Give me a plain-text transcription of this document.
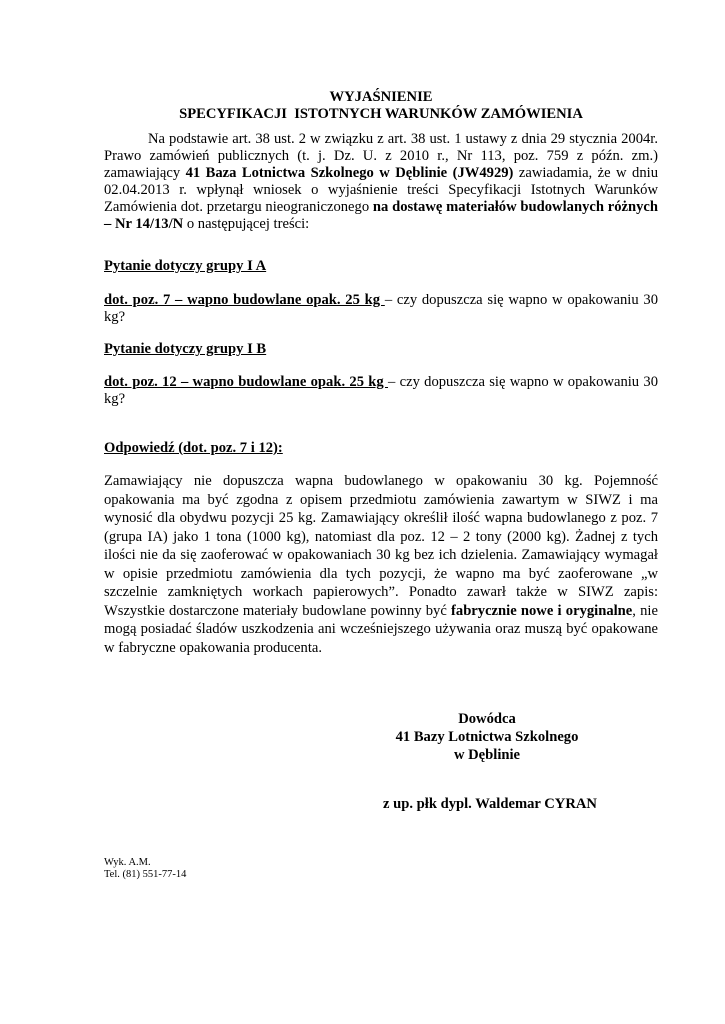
WYJAŚNIENIE
SPECYFIKACJI  ISTOTNYCH WARUNKÓW ZAMÓWIENIA

Na podstawie art. 38 ust. 2 w związku z art. 38 ust. 1 ustawy z dnia 29 stycznia 2004r. Prawo zamówień publicznych (t. j. Dz. U. z 2010 r., Nr 113, poz. 759 z późn. zm.) zamawiający 41 Baza Lotnictwa Szkolnego w Dęblinie (JW4929) zawiadamia, że w dniu 02.04.2013 r. wpłynął wniosek o wyjaśnienie treści Specyfikacji Istotnych Warunków Zamówienia dot. przetargu nieograniczonego na dostawę materiałów budowlanych różnych – Nr 14/13/N o następującej treści:

Pytanie dotyczy grupy I A

dot. poz. 7 – wapno budowlane opak. 25 kg – czy dopuszcza się wapno w opakowaniu 30 kg?

Pytanie dotyczy grupy I B

dot. poz. 12 – wapno budowlane opak. 25 kg – czy dopuszcza się wapno w opakowaniu 30 kg?

Odpowiedź (dot. poz. 7 i 12):

Zamawiający nie dopuszcza wapna budowlanego w opakowaniu 30 kg. Pojemność opakowania ma być zgodna z opisem przedmiotu zamówienia zawartym w SIWZ i ma wynosić dla obydwu pozycji 25 kg. Zamawiający określił ilość wapna budowlanego z poz. 7 (grupa IA) jako 1 tona (1000 kg), natomiast dla poz. 12 – 2 tony (2000 kg). Żadnej z tych ilości nie da się zaoferować w opakowaniach 30 kg bez ich dzielenia. Zamawiający wymagał w opisie przedmiotu zamówienia dla tych pozycji, że wapno ma być zaoferowane „w szczelnie zamkniętych workach papierowych”. Ponadto zawarł także w SIWZ zapis: Wszystkie dostarczone materiały budowlane powinny być fabrycznie nowe i oryginalne, nie mogą posiadać śladów uszkodzenia ani wcześniejszego używania oraz muszą być opakowane w fabryczne opakowania producenta.

Dowódca
41 Bazy Lotnictwa Szkolnego
w Dęblinie
z up. płk dypl. Waldemar CYRAN
Wyk. A.M.
Tel. (81) 551-77-14
